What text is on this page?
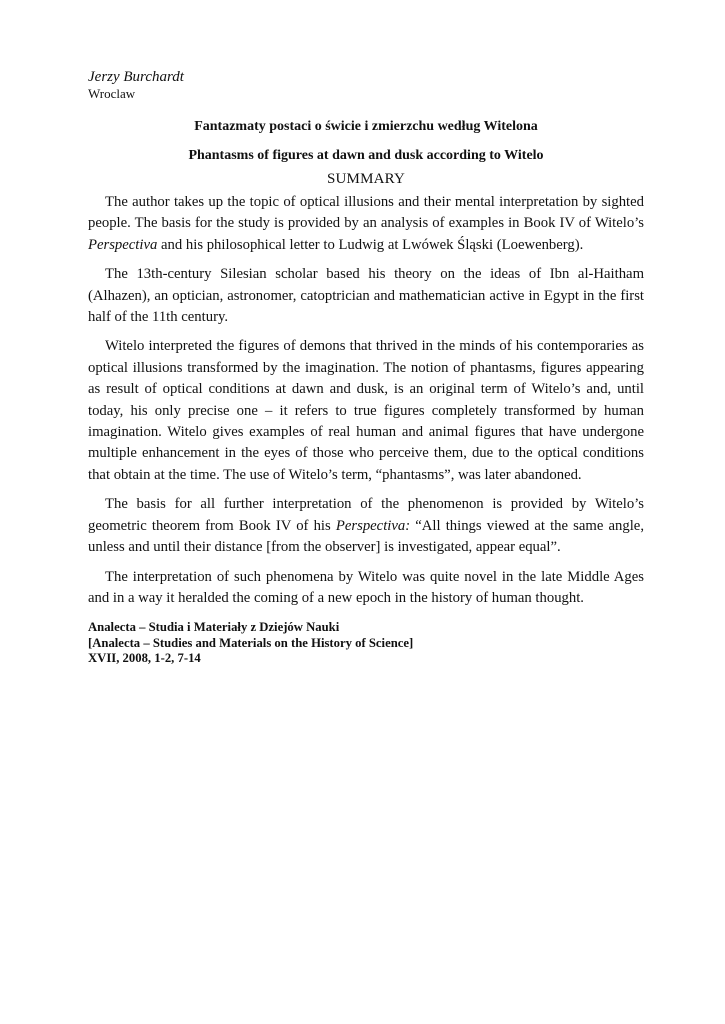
Jerzy Burchardt

Wroclaw

Fantazmaty postaci o świcie i zmierzchu według Witelona

Phantasms of figures at dawn and dusk according to Witelo

SUMMARY

The author takes up the topic of optical illusions and their mental interpretation by sighted people. The basis for the study is provided by an analysis of examples in Book IV of Witelo’s Perspectiva and his philosophical letter to Ludwig at Lwówek Śląski (Loewenberg).

The 13th-century Silesian scholar based his theory on the ideas of Ibn al-Haitham (Alhazen), an optician, astronomer, catoptrician and mathematician active in Egypt in the first half of the 11th century.

Witelo interpreted the figures of demons that thrived in the minds of his contemporaries as optical illusions transformed by the imagination. The notion of phantasms, figures appearing as result of optical conditions at dawn and dusk, is an original term of Witelo’s and, until today, his only precise one – it refers to true figures completely transformed by human imagination. Witelo gives examples of real human and animal figures that have undergone multiple enhancement in the eyes of those who perceive them, due to the optical conditions that obtain at the time. The use of Witelo’s term, “phantasms”, was later abandoned.

The basis for all further interpretation of the phenomenon is provided by Witelo’s geometric theorem from Book IV of his Perspectiva: “All things viewed at the same angle, unless and until their distance [from the observer] is investigated, appear equal”.

The interpretation of such phenomena by Witelo was quite novel in the late Middle Ages and in a way it heralded the coming of a new epoch in the history of human thought.

Analecta – Studia i Materiały z Dziejów Nauki
[Analecta – Studies and Materials on the History of Science]
XVII, 2008, 1-2, 7-14
